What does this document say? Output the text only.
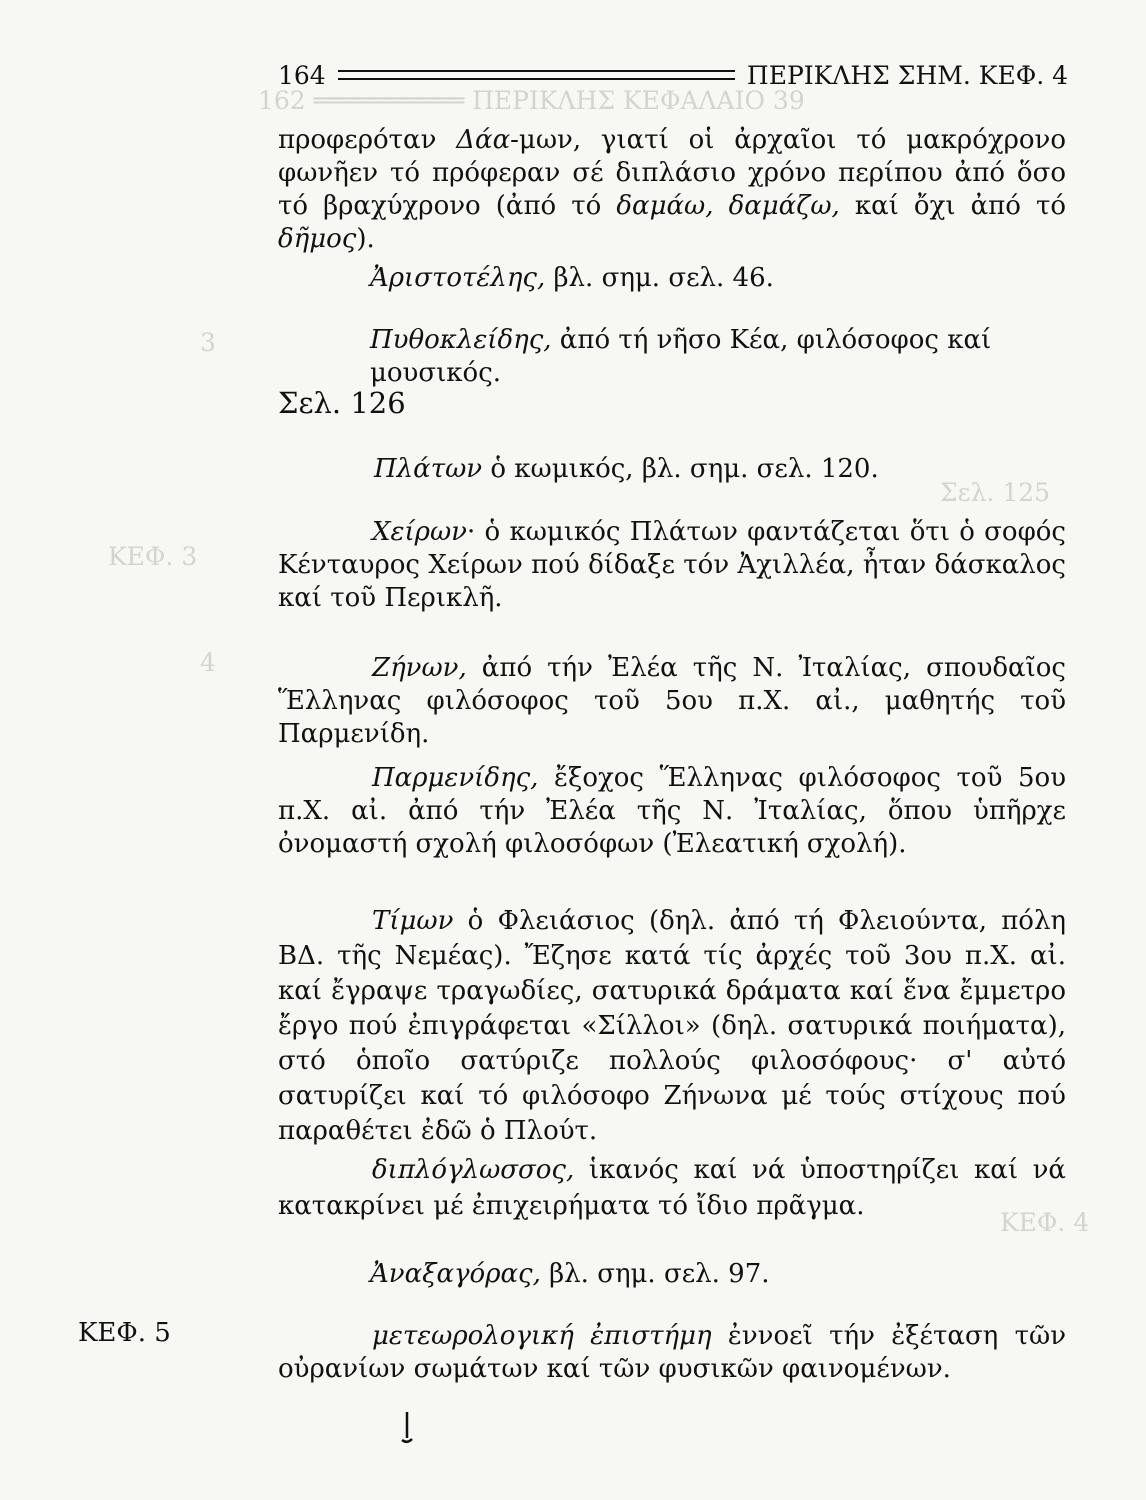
162 ══════════ ΠΕΡΙΚΛΗΣ ΚΕΦΑΛΑΙΟ 39
3
4
ΚΕΦ. 3
Σελ. 125
ΚΕΦ. 4
164	ΠΕΡΙΚΛΗΣ ΣΗΜ. ΚΕΦ. 4
προφερόταν Δάα-μων, γιατί οἱ ἀρχαῖοι τό μακρόχρονο φωνῆεν τό πρόφεραν σέ διπλάσιο χρόνο περίπου ἀπό ὅσο τό βραχύχρονο (ἀπό τό δαμάω, δαμάζω, καί ὄχι ἀπό τό δῆμος).
Ἀριστοτέλης, βλ. σημ. σελ. 46.
Πυθοκλείδης, ἀπό τή νῆσο Κέα, φιλόσοφος καί μουσικός.
Σελ. 126
Πλάτων ὁ κωμικός, βλ. σημ. σελ. 120.
Χείρων· ὁ κωμικός Πλάτων φαντάζεται ὅτι ὁ σοφός Κένταυρος Χείρων πού δίδαξε τόν Ἀχιλλέα, ἦταν δάσκαλος καί τοῦ Περικλῆ.
Ζήνων, ἀπό τήν Ἐλέα τῆς Ν. Ἰταλίας, σπουδαῖος Ἕλληνας φιλόσοφος τοῦ 5ου π.Χ. αἰ., μαθητής τοῦ Παρμενίδη.
Παρμενίδης, ἔξοχος Ἕλληνας φιλόσοφος τοῦ 5ου π.Χ. αἰ. ἀπό τήν Ἐλέα τῆς Ν. Ἰταλίας, ὅπου ὑπῆρχε ὀνομαστή σχολή φιλοσόφων (Ἐλεατική σχολή).
Τίμων ὁ Φλειάσιος (δηλ. ἀπό τή Φλειούντα, πόλη ΒΔ. τῆς Νεμέας). Ἔζησε κατά τίς ἀρχές τοῦ 3ου π.Χ. αἰ. καί ἔγραψε τραγωδίες, σατυρικά δράματα καί ἕνα ἔμμετρο ἔργο πού ἐπιγράφεται «Σίλλοι» (δηλ. σατυρικά ποιήματα), στό ὁποῖο σατύριζε πολλούς φιλοσόφους· σ' αὐτό σατυρίζει καί τό φιλόσοφο Ζήνωνα μέ τούς στίχους πού παραθέτει ἐδῶ ὁ Πλούτ.
διπλόγλωσσος, ἱκανός καί νά ὑποστηρίζει καί νά κατακρίνει μέ ἐπιχειρήματα τό ἴδιο πρᾶγμα.
Ἀναξαγόρας, βλ. σημ. σελ. 97.
ΚΕΦ. 5	μετεωρολογική ἐπιστήμη ἐννοεῖ τήν ἐξέταση τῶν οὐρανίων σωμάτων καί τῶν φυσικῶν φαινομένων.
